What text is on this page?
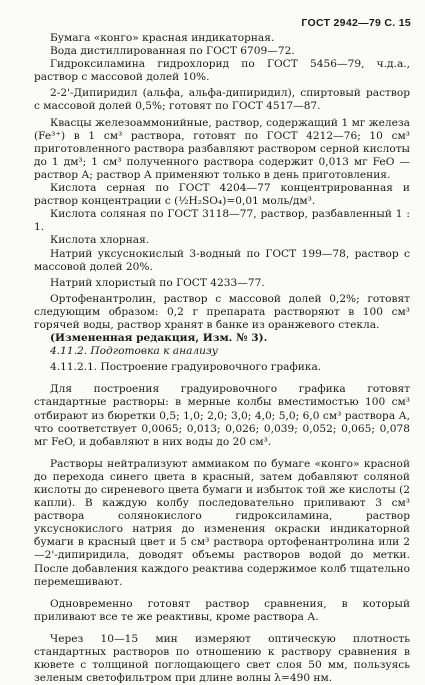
ГОСТ 2942—79 С. 15

Бумага «конго» красная индикаторная.

Вода дистиллированная по ГОСТ 6709—72.

Гидроксиламина гидрохлорид по ГОСТ 5456—79, ч.д.а., раствор с массовой долей 10%.

2-2'-Дипиридил (альфа, альфа-дипиридил), спиртовый раствор с массовой долей 0,5%; готовят по ГОСТ 4517—87.

Квасцы железоаммонийные, раствор, содержащий 1 мг железа (Fe³⁺) в 1 см³ раствора, готовят по ГОСТ 4212—76; 10 см³ приготовленного раствора разбавляют раствором серной кислоты до 1 дм³; 1 см³ полученного раствора содержит 0,013 мг FeO — раствор А; раствор А применяют только в день приготовления.

Кислота серная по ГОСТ 4204—77 концентрированная и раствор концентрации с (½H₂SO₄)=0,01 моль/дм³.

Кислота соляная по ГОСТ 3118—77, раствор, разбавленный 1 : 1.

Кислота хлорная.

Натрий уксуснокислый 3-водный по ГОСТ 199—78, раствор с массовой долей 20%.

Натрий хлористый по ГОСТ 4233—77.

Ортофенантролин, раствор с массовой долей 0,2%; готовят следующим образом: 0,2 г препарата растворяют в 100 см³ горячей воды, раствор хранят в банке из оранжевого стекла.

(Измененная редакция, Изм. № 3).

4.11.2. Подготовка к анализу

4.11.2.1. Построение градуировочного графика.

Для построения градуировочного графика готовят стандартные растворы: в мерные колбы вместимостью 100 см³ отбирают из бюретки 0,5; 1,0; 2,0; 3,0; 4,0; 5,0; 6,0 см³ раствора А, что соответствует 0,0065; 0,013; 0,026; 0,039; 0,052; 0,065; 0,078 мг FeO, и добавляют в них воды до 20 см³.

Растворы нейтрализуют аммиаком по бумаге «конго» красной до перехода синего цвета в красный, затем добавляют соляной кислоты до сиреневого цвета бумаги и избыток той же кислоты (2 капли). В каждую колбу последовательно приливают 3 см³ раствора солянокислого гидроксиламина, раствор уксуснокислого натрия до изменения окраски индикаторной бумаги в красный цвет и 5 см³ раствора ортофенантролина или 2—2'-дипиридила, доводят объемы растворов водой до метки. После добавления каждого реактива содержимое колб тщательно перемешивают.

Одновременно готовят раствор сравнения, в который приливают все те же реактивы, кроме раствора А.

Через 10—15 мин измеряют оптическую плотность стандартных растворов по отношению к раствору сравнения в кювете с толщиной поглощающего свет слоя 50 мм, пользуясь зеленым светофильтром при длине волны λ=490 нм.
